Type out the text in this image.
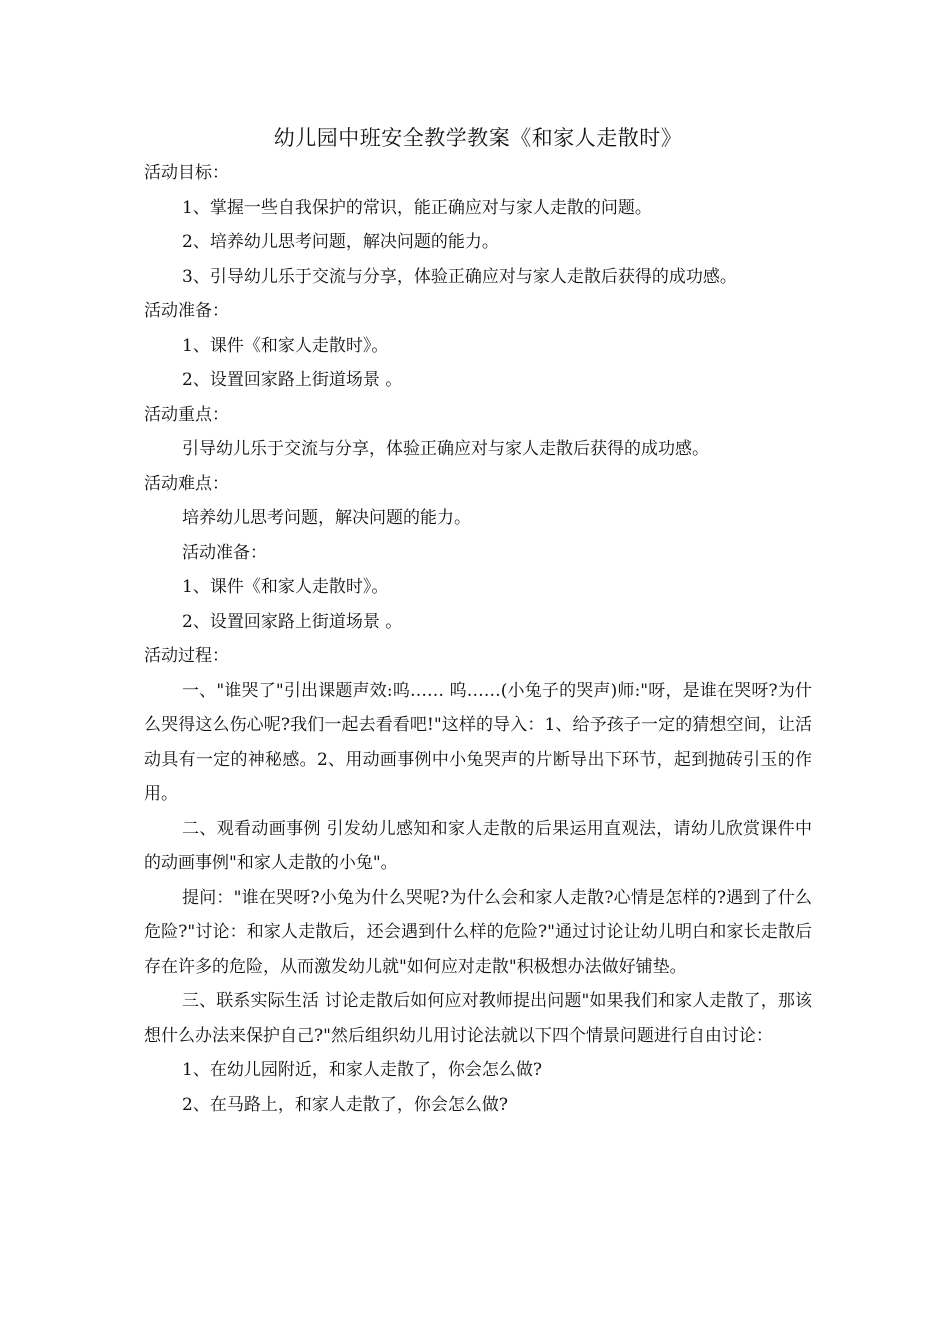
幼儿园中班安全教学教案《和家人走散时》

活动目标：

1、掌握一些自我保护的常识，能正确应对与家人走散的问题。

2、培养幼儿思考问题，解决问题的能力。

3、引导幼儿乐于交流与分享，体验正确应对与家人走散后获得的成功感。

活动准备：

1、课件《和家人走散时》。

2、设置回家路上街道场景 。

活动重点：

引导幼儿乐于交流与分享，体验正确应对与家人走散后获得的成功感。

活动难点：

培养幼儿思考问题，解决问题的能力。

活动准备：

1、课件《和家人走散时》。

2、设置回家路上街道场景 。

活动过程：

一、"谁哭了"引出课题声效:呜…… 呜……(小兔子的哭声)师:"呀，是谁在哭呀?为什么哭得这么伤心呢?我们一起去看看吧!"这样的导入：1、给予孩子一定的猜想空间，让活动具有一定的神秘感。2、用动画事例中小兔哭声的片断导出下环节，起到抛砖引玉的作用。

二、观看动画事例 引发幼儿感知和家人走散的后果运用直观法，请幼儿欣赏课件中的动画事例"和家人走散的小兔"。

提问："谁在哭呀?小兔为什么哭呢?为什么会和家人走散?心情是怎样的?遇到了什么危险?"讨论：和家人走散后，还会遇到什么样的危险?"通过讨论让幼儿明白和家长走散后存在许多的危险，从而激发幼儿就"如何应对走散"积极想办法做好铺垫。

三、联系实际生活 讨论走散后如何应对教师提出问题"如果我们和家人走散了，那该想什么办法来保护自己?"然后组织幼儿用讨论法就以下四个情景问题进行自由讨论：

1、在幼儿园附近，和家人走散了，你会怎么做?

2、在马路上，和家人走散了，你会怎么做?
